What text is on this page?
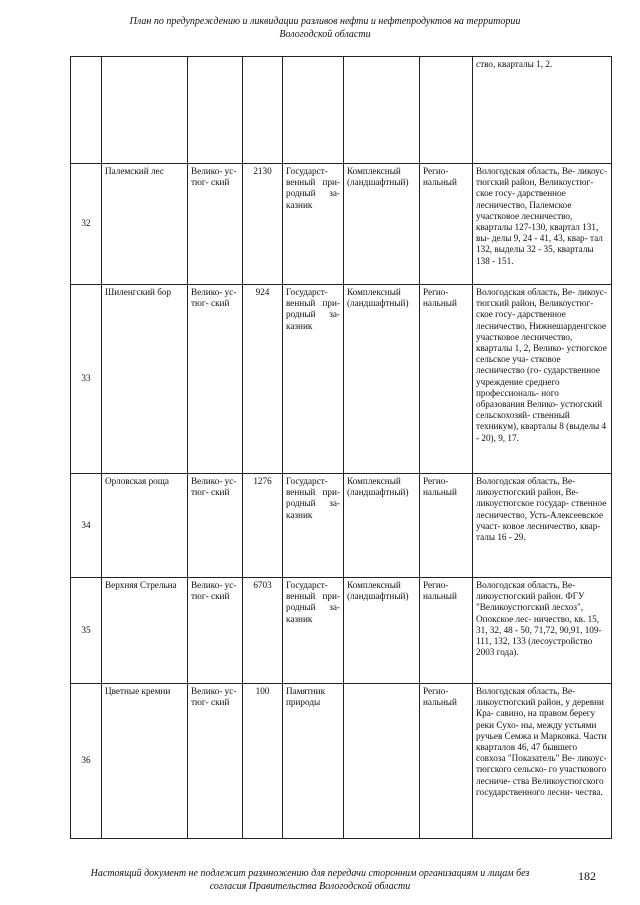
План по предупреждению и ликвидации разливов нефти и нефтепродуктов на территории
Вологодской области
							ство, кварталы 1, 2.
32	Палемский лес	Велико- ус- тюг- ский	2130	Государст- венный при- родный за- казник	Комплексный (ландшафтный)	Регио- нальный	Вологодская область, Ве- ликоус- тюгский район, Великоустюг- ское госу- дарственное лесничество, Палемское участковое лесничество, кварталы 127-130, квартал 131, вы- делы 9, 24 - 41, 43, квар- тал 132, выделы 32 - 35, кварталы 138 - 151.
33	Шиленгский бор	Велико- ус- тюг- ский	924	Государст- венный при- родный за- казник	Комплексный (ландшафтный)	Регио- нальный	Вологодская область, Ве- ликоус- тюгский район, Великоустюг- ское госу- дарственное лесничество, Нижнешарденгское участковое лесничество, кварталы 1, 2, Велико- устюгское сельское уча- стковое лесничество (го- сударственное учреждение среднего профессиональ- ного образования Велико- устюгский сельскохозяй- ственный техникум), кварталы 8 (выделы 4 - 20), 9, 17.
34	Орловская роща	Велико- ус- тюг- ский	1276	Государст- венный при- родный за- казник	Комплексный (ландшафтный)	Регио- нальный	Вологодская область, Ве- ликоустюгский район, Ве- ликоустюгское государ- ственное лесничество, Усть-Алексеевское участ- ковое лесничество, квар- талы 16 - 29.
35	Верхняя Стрельна	Велико- ус- тюг- ский	6703	Государст- венный при- родный за- казник	Комплексный (ландшафтный)	Регио- нальный	Вологодская область, Ве- ликоустюгский район. ФГУ "Великоустюгский лесхоз", Опокское лес- ничество, кв. 15, 31, 32, 48 - 50, 71,72, 90,91, 109- 111, 132, 133 (лесоустройство 2003 года).
36	Цветные кремни	Велико- ус- тюг- ский	100	Памятник природы		Регио- нальный	Вологодская область, Ве- ликоустюгский район, у деревни Кра- савино, на правом берегу реки Сухо- ны, между устьями ручьев Семжа и Марковка. Части кварталов 46, 47 бывшего совхоза "Показатель" Ве- ликоус- тюгского сельско- го участкового лесниче- ства Великоустюгского государственного лесни- чества.
Настоящий документ не подлежит размножению для передачи сторонним организациям и лицам без
согласия Правительства Вологодской области
182
